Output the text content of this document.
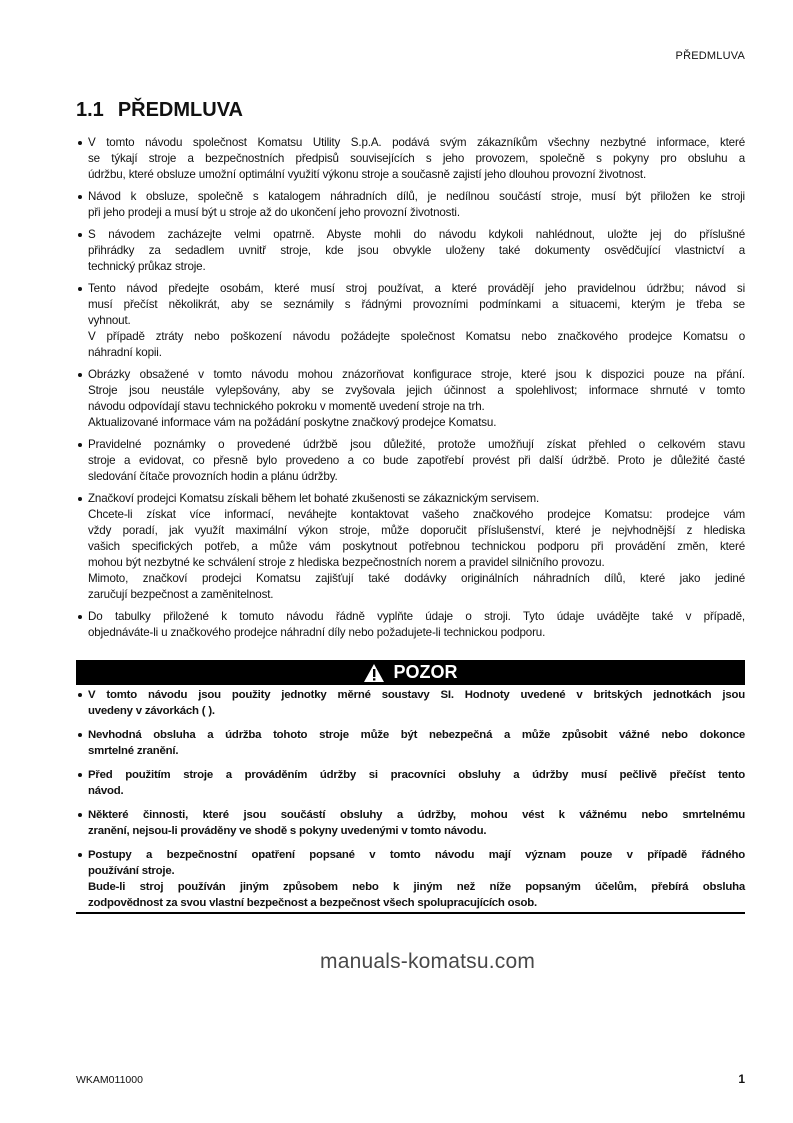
PŘEDMLUVA
1.1 PŘEDMLUVA
V tomto návodu společnost Komatsu Utility S.p.A. podává svým zákazníkům všechny nezbytné informace, které
se týkají stroje a bezpečnostních předpisů souvisejících s jeho provozem, společně s pokyny pro obsluhu a
údržbu, které obsluze umožní optimální využití výkonu stroje a současně zajistí jeho dlouhou provozní životnost.
Návod k obsluze, společně s katalogem náhradních dílů, je nedílnou součástí stroje, musí být přiložen ke stroji
při jeho prodeji a musí být u stroje až do ukončení jeho provozní životnosti.
S návodem zacházejte velmi opatrně. Abyste mohli do návodu kdykoli nahlédnout, uložte jej do příslušné
přihrádky za sedadlem uvnitř stroje, kde jsou obvykle uloženy také dokumenty osvědčující vlastnictví a
technický průkaz stroje.
Tento návod předejte osobám, které musí stroj používat, a které provádějí jeho pravidelnou údržbu; návod si
musí přečíst několikrát, aby se seznámily s řádnými provozními podmínkami a situacemi, kterým je třeba se
vyhnout.
V případě ztráty nebo poškození návodu požádejte společnost Komatsu nebo značkového prodejce Komatsu o
náhradní kopii.
Obrázky obsažené v tomto návodu mohou znázorňovat konfigurace stroje, které jsou k dispozici pouze na přání.
Stroje jsou neustále vylepšovány, aby se zvyšovala jejich účinnost a spolehlivost; informace shrnuté v tomto
návodu odpovídají stavu technického pokroku v momentě uvedení stroje na trh.
Aktualizované informace vám na požádání poskytne značkový prodejce Komatsu.
Pravidelné poznámky o provedené údržbě jsou důležité, protože umožňují získat přehled o celkovém stavu
stroje a evidovat, co přesně bylo provedeno a co bude zapotřebí provést při další údržbě. Proto je důležité časté
sledování čítače provozních hodin a plánu údržby.
Značkoví prodejci Komatsu získali během let bohaté zkušenosti se zákaznickým servisem.
Chcete-li získat více informací, neváhejte kontaktovat vašeho značkového prodejce Komatsu: prodejce vám
vždy poradí, jak využít maximální výkon stroje, může doporučit příslušenství, které je nejvhodnější z hlediska
vašich specifických potřeb, a může vám poskytnout potřebnou technickou podporu při provádění změn, které
mohou být nezbytné ke schválení stroje z hlediska bezpečnostních norem a pravidel silničního provozu.
Mimoto, značkoví prodejci Komatsu zajišťují také dodávky originálních náhradních dílů, které jako jediné
zaručují bezpečnost a zaměnitelnost.
Do tabulky přiložené k tomuto návodu řádně vyplňte údaje o stroji. Tyto údaje uvádějte také v případě,
objednáváte-li u značkového prodejce náhradní díly nebo požadujete-li technickou podporu.
POZOR
V tomto návodu jsou použity jednotky měrné soustavy SI. Hodnoty uvedené v britských jednotkách jsou
uvedeny v závorkách ( ).
Nevhodná obsluha a údržba tohoto stroje může být nebezpečná a může způsobit vážné nebo dokonce
smrtelné zranění.
Před použitím stroje a prováděním údržby si pracovníci obsluhy a údržby musí pečlivě přečíst tento
návod.
Některé činnosti, které jsou součástí obsluhy a údržby, mohou vést k vážnému nebo smrtelnému
zranění, nejsou-li prováděny ve shodě s pokyny uvedenými v tomto návodu.
Postupy a bezpečnostní opatření popsané v tomto návodu mají význam pouze v případě řádného
používání stroje.
Bude-li stroj používán jiným způsobem nebo k jiným než níže popsaným účelům, přebírá obsluha
zodpovědnost za svou vlastní bezpečnost a bezpečnost všech spolupracujících osob.
manuals-komatsu.com
WKAM011000	1
